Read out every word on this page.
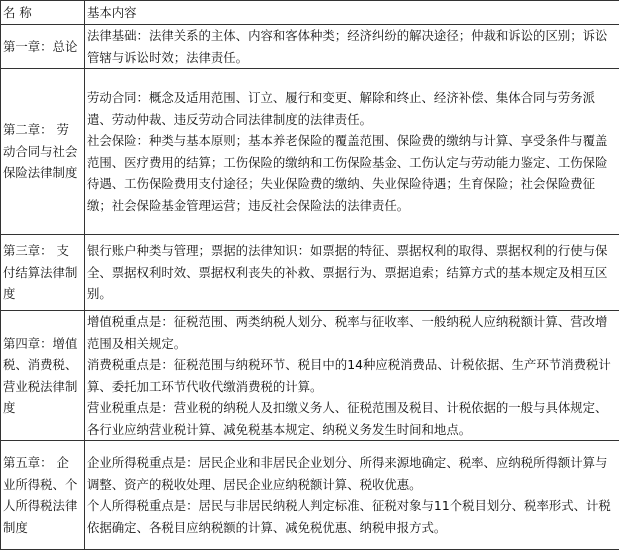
名 称	基本内容
第一章：总论	法律基础：法律关系的主体、内容和客体种类；经济纠纷的解决途径；仲裁和诉讼的区别；诉讼管辖与诉讼时效；法律责任。

第二章： 劳动合同与社会保险法律制度	劳动合同：概念及适用范围、订立、履行和变更、解除和终止、经济补偿、集体合同与劳务派遣、劳动仲裁、违反劳动合同法律制度的法律责任。
社会保险：种类与基本原则；基本养老保险的覆盖范围、保险费的缴纳与计算、享受条件与覆盖范围、医疗费用的结算；工伤保险的缴纳和工伤保险基金、工伤认定与劳动能力鉴定、工伤保险待遇、工伤保险费用支付途径；失业保险费的缴纳、失业保险待遇；生育保险；社会保险费征缴；社会保险基金管理运营；违反社会保险法的法律责任。

第三章： 支付结算法律制度	银行账户种类与管理；票据的法律知识：如票据的特征、票据权利的取得、票据权利的行使与保全、票据权利时效、票据权利丧失的补救、票据行为、票据追索；结算方式的基本规定及相互区别。

第四章：增值税、消费税、营业税法律制度	增值税重点是：征税范围、两类纳税人划分、税率与征收率、一般纳税人应纳税额计算、营改增范围及相关规定。
消费税重点是：征税范围与纳税环节、税目中的14种应税消费品、计税依据、生产环节消费税计算、委托加工环节代收代缴消费税的计算。
营业税重点是：营业税的纳税人及扣缴义务人、征税范围及税目、计税依据的一般与具体规定、各行业应纳营业税计算、减免税基本规定、纳税义务发生时间和地点。

第五章： 企业所得税、个人所得税法律制度	企业所得税重点是：居民企业和非居民企业划分、所得来源地确定、税率、应纳税所得额计算与调整、资产的税收处理、居民企业应纳税额计算、税收优惠。
个人所得税重点是：居民与非居民纳税人判定标准、征税对象与11个税目划分、税率形式、计税依据确定、各税目应纳税额的计算、减免税优惠、纳税申报方式。
